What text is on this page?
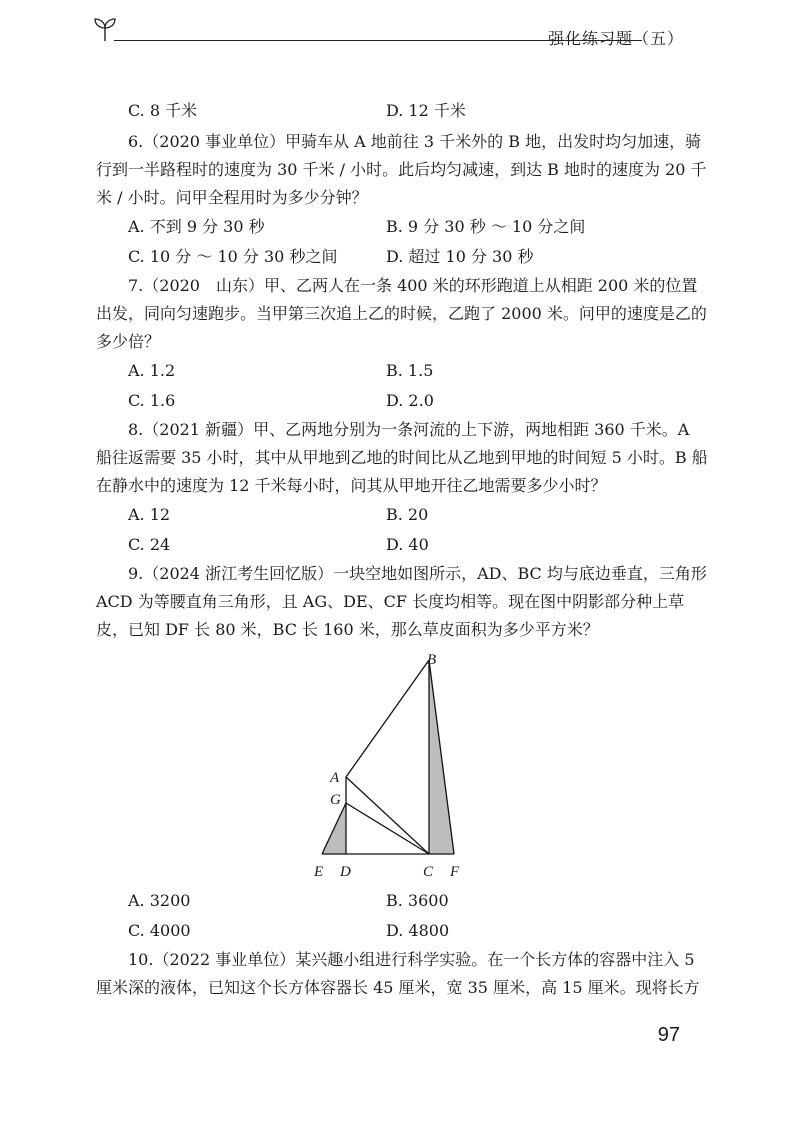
强化练习题（五）
C. 8 千米	D. 12 千米

6.（2020 事业单位）甲骑车从 A 地前往 3 千米外的 B 地，出发时均匀加速，骑行到一半路程时的速度为 30 千米 / 小时。此后均匀减速，到达 B 地时的速度为 20 千米 / 小时。问甲全程用时为多少分钟？

A. 不到 9 分 30 秒	B. 9 分 30 秒 ～ 10 分之间
C. 10 分 ～ 10 分 30 秒之间	D. 超过 10 分 30 秒

7.（2020　山东）甲、乙两人在一条 400 米的环形跑道上从相距 200 米的位置出发，同向匀速跑步。当甲第三次追上乙的时候，乙跑了 2000 米。问甲的速度是乙的多少倍？

A. 1.2	B. 1.5
C. 1.6	D. 2.0

8.（2021 新疆）甲、乙两地分别为一条河流的上下游，两地相距 360 千米。A 船往返需要 35 小时，其中从甲地到乙地的时间比从乙地到甲地的时间短 5 小时。B 船在静水中的速度为 12 千米每小时，问其从甲地开往乙地需要多少小时？

A. 12	B. 20
C. 24	D. 40

9.（2024 浙江考生回忆版）一块空地如图所示，AD、BC 均与底边垂直，三角形 ACD 为等腰直角三角形，且 AG、DE、CF 长度均相等。现在图中阴影部分种上草皮，已知 DF 长 80 米，BC 长 160 米，那么草皮面积为多少平方米？

B
A
G
E D	C F
A. 3200	B. 3600
C. 4000	D. 4800

10.（2022 事业单位）某兴趣小组进行科学实验。在一个长方体的容器中注入 5 厘米深的液体，已知这个长方体容器长 45 厘米，宽 35 厘米，高 15 厘米。现将长方

97
